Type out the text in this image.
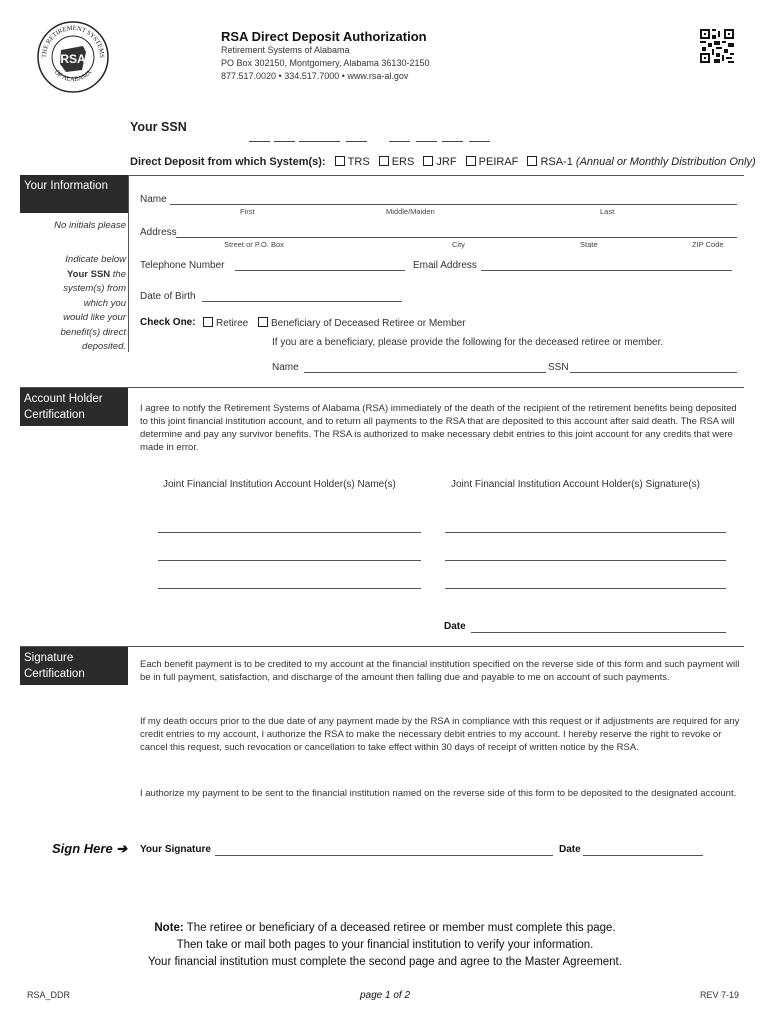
THE RETIREMENT SYSTEMS
OF ALABAMA
RSA
RSA Direct Deposit Authorization
Retirement Systems of Alabama
PO Box 302150, Montgomery, Alabama 36130-2150
877.517.0020 • 334.517.7000 • www.rsa-al.gov
Your SSN
Direct Deposit from which System(s): TRS ERS JRF PEIRAF RSA-1 (Annual or Monthly Distribution Only)
Your Information
No initials please
Indicate below
Your SSN the
system(s) from
which you
would like your
benefit(s) direct
deposited.
Name
First	Middle/Maiden	Last
Address
Street or P.O. Box	City	State	ZIP Code
Telephone Number	Email Address
Date of Birth
Check One:	Retiree	Beneficiary of Deceased Retiree or Member
If you are a beneficiary, please provide the following for the deceased retiree or member.
Name	SSN
Account Holder Certification
I agree to notify the Retirement Systems of Alabama (RSA) immediately of the death of the recipient of the retirement benefits being deposited to this joint financial institution account, and to return all payments to the RSA that are deposited to this account after said death. The RSA will determine and pay any survivor benefits. The RSA is authorized to make necessary debit entries to this joint account for any credits that were made in error.
Joint Financial Institution Account Holder(s) Name(s)	Joint Financial Institution Account Holder(s) Signature(s)
Date
Signature Certification
Each benefit payment is to be credited to my account at the financial institution specified on the reverse side of this form and such payment will be in full payment, satisfaction, and discharge of the amount then falling due and payable to me on account of such payments.
If my death occurs prior to the due date of any payment made by the RSA in compliance with this request or if adjustments are required for any credit entries to my account, I authorize the RSA to make the necessary debit entries to my account. I hereby reserve the right to revoke or cancel this request, such revocation or cancellation to take effect within 30 days of receipt of written notice by the RSA.
I authorize my payment to be sent to the financial institution named on the reverse side of this form to be deposited to the designated account.
Sign Here ➔ Your Signature	Date
Note: The retiree or beneficiary of a deceased retiree or member must complete this page.
Then take or mail both pages to your financial institution to verify your information.
Your financial institution must complete the second page and agree to the Master Agreement.
RSA_DDR	page 1 of 2	REV 7-19
